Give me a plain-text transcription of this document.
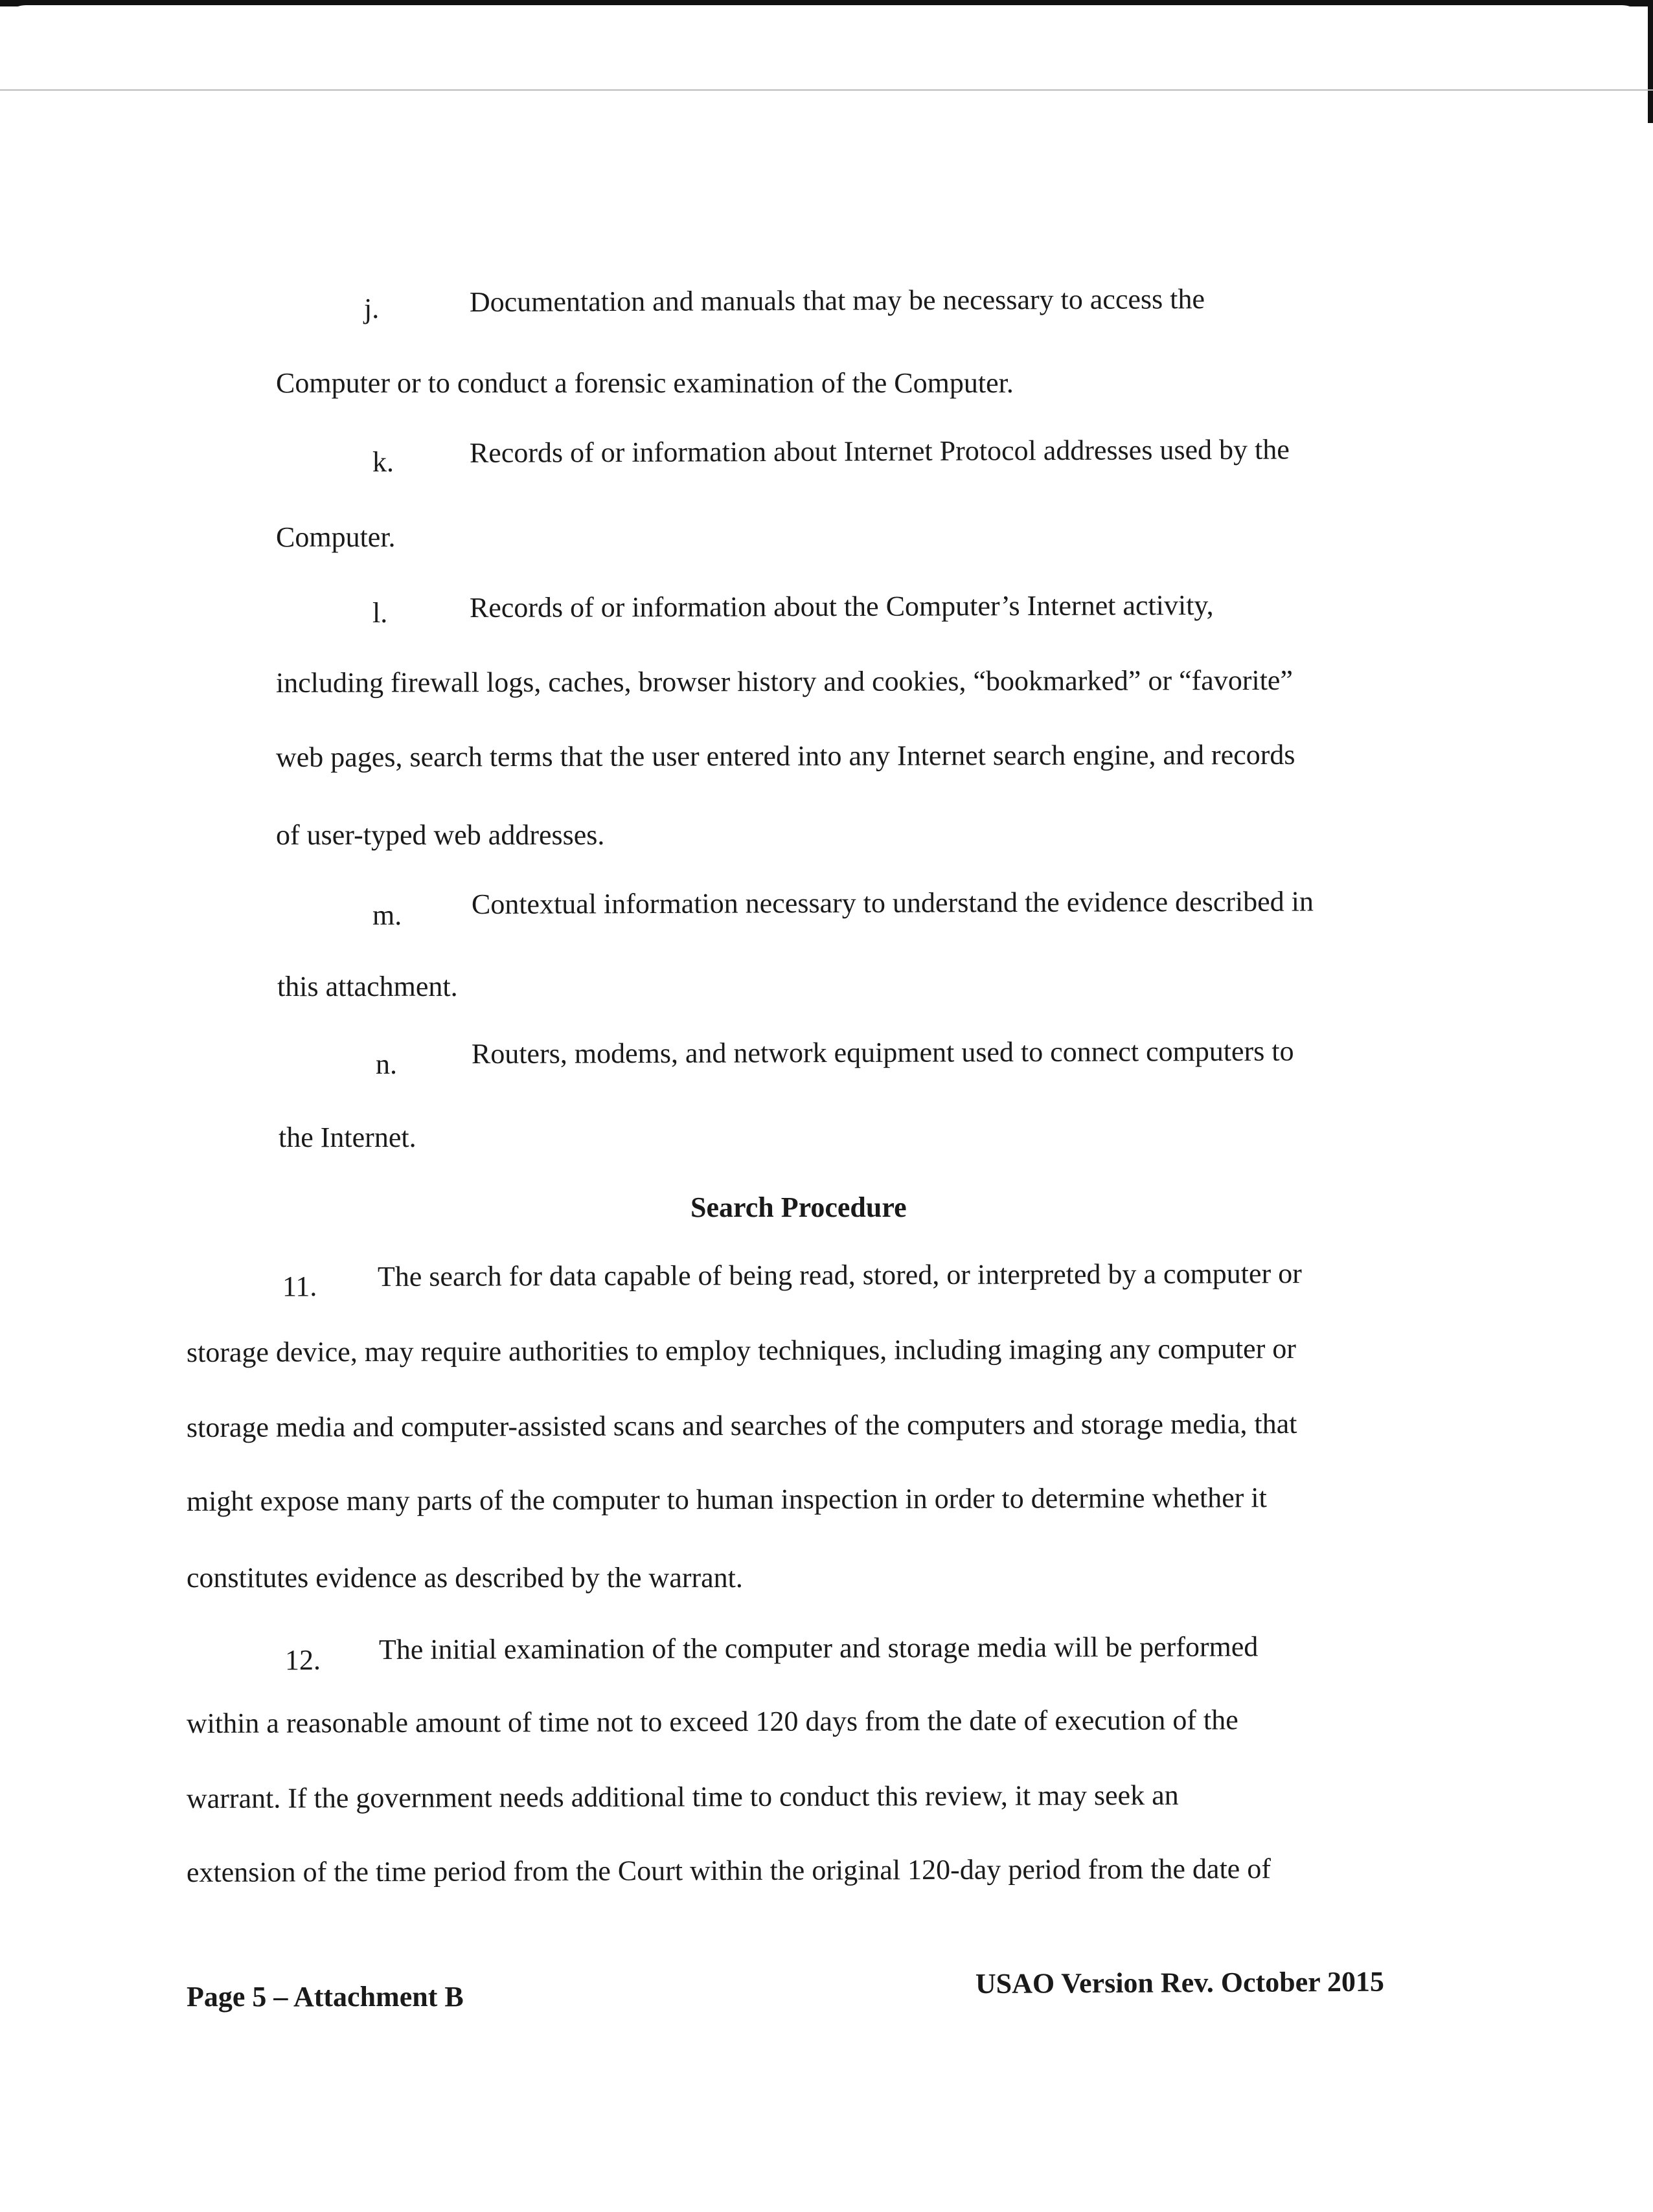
j.	Documentation and manuals that may be necessary to access the
Computer or to conduct a forensic examination of the Computer.
k.	Records of or information about Internet Protocol addresses used by the
Computer.
l.	Records of or information about the Computer’s Internet activity,
including firewall logs, caches, browser history and cookies, “bookmarked” or “favorite”
web pages, search terms that the user entered into any Internet search engine, and records
of user-typed web addresses.
m. Contextual information necessary to understand the evidence described in
this attachment.
n.	Routers, modems, and network equipment used to connect computers to
the Internet.
Search Procedure
11. The search for data capable of being read, stored, or interpreted by a computer or
storage device, may require authorities to employ techniques, including imaging any computer or
storage media and computer-assisted scans and searches of the computers and storage media, that
might expose many parts of the computer to human inspection in order to determine whether it
constitutes evidence as described by the warrant.
12. The initial examination of the computer and storage media will be performed
within a reasonable amount of time not to exceed 120 days from the date of execution of the
warrant. If the government needs additional time to conduct this review, it may seek an
extension of the time period from the Court within the original 120-day period from the date of
Page 5 – Attachment B	USAO Version Rev. October 2015
